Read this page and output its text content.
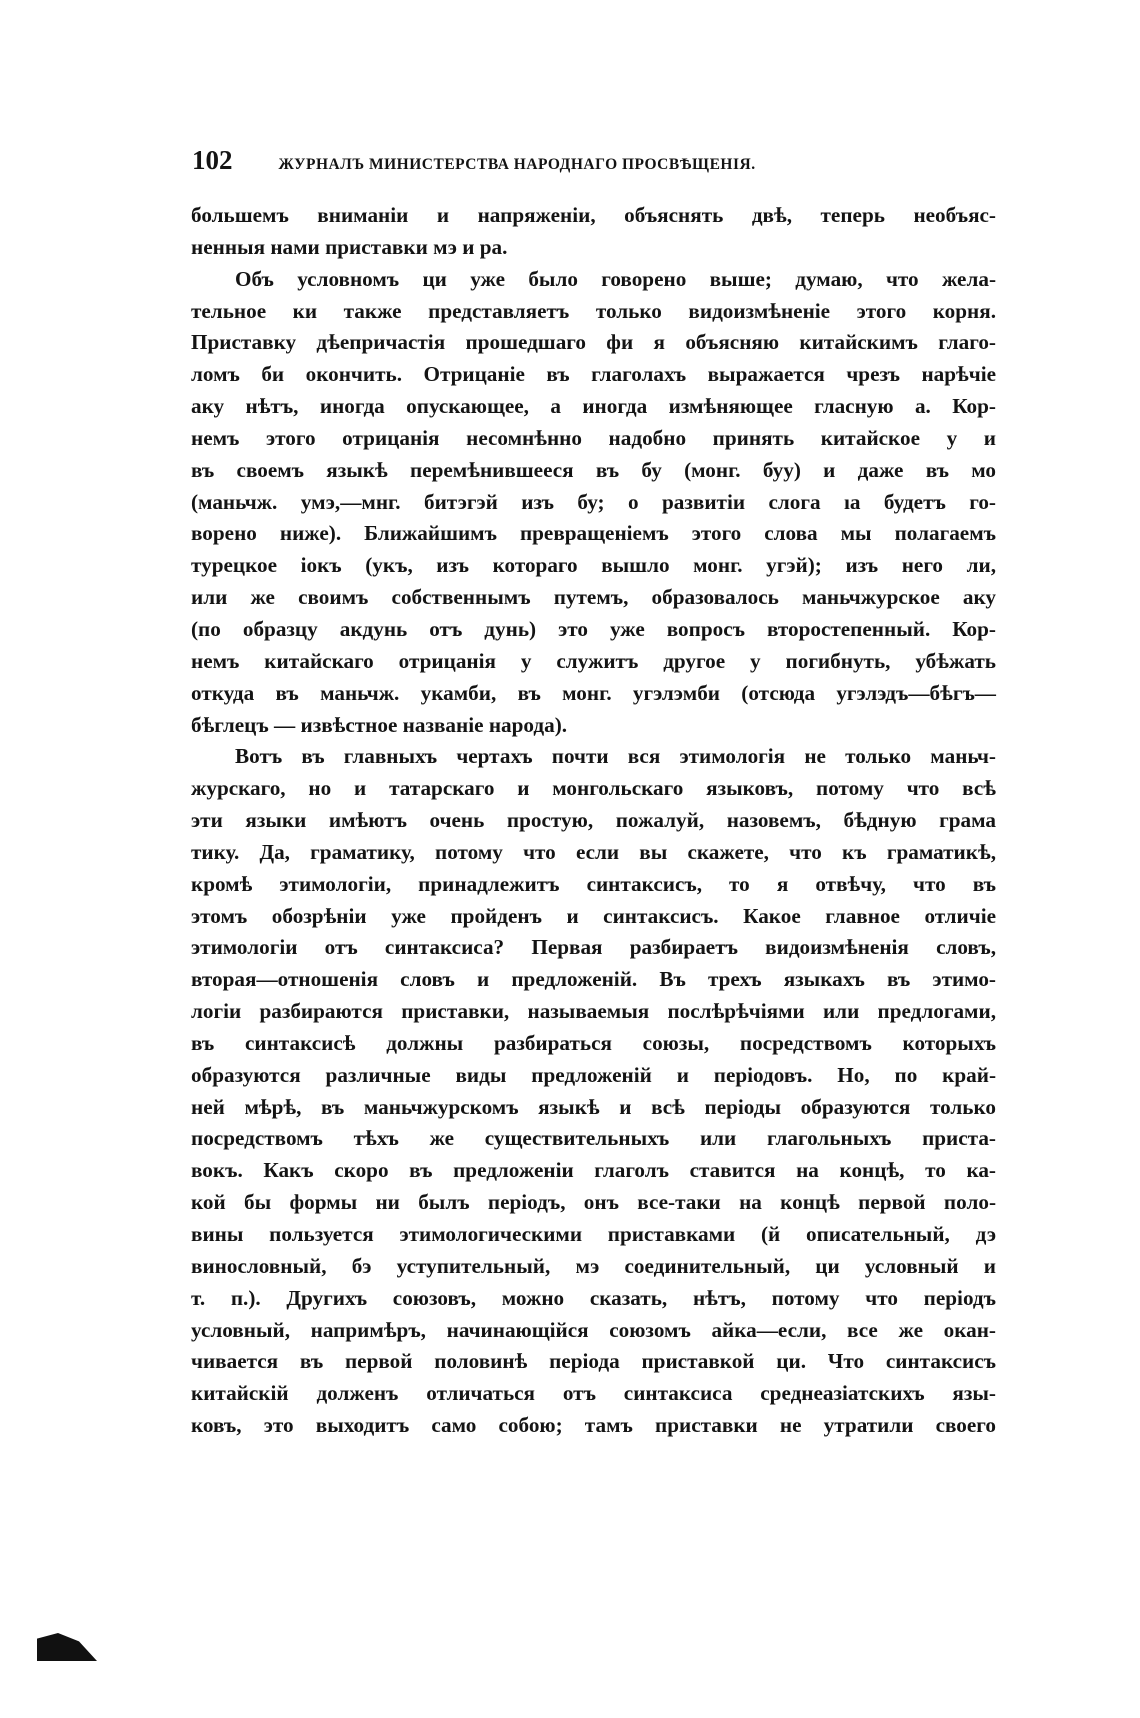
102	ЖУРНАЛЪ МИНИСТЕРСТВА НАРОДНАГО ПРОСВѢЩЕНІЯ.
большемъ вниманіи и напряженіи, объяснять двѣ, теперь необъяс-
ненныя нами приставки мэ и ра.
Объ условномъ ци уже было говорено выше; думаю, что жела-
тельное ки также представляетъ только видоизмѣненіе этого корня.
Приставку дѣепричастія прошедшаго фи я объясняю китайскимъ глаго-
ломъ би окончить. Отрицаніе въ глаголахъ выражается чрезъ нарѣчіе
аку нѣтъ, иногда опускающее, а иногда измѣняющее гласную а. Кор-
немъ этого отрицанія несомнѣнно надобно принять китайское у и
въ своемъ языкѣ перемѣнившееся въ бу (монг. буу) и даже въ мо
(маньчж. умэ,—мнг. битэгэй изъ бу; о развитіи слога ıа будетъ го-
ворено ниже). Ближайшимъ превращеніемъ этого слова мы полагаемъ
турецкое іокъ (укъ, изъ котораго вышло монг. угэй); изъ него ли,
или же своимъ собственнымъ путемъ, образовалось маньчжурское аку
(по образцу акдунь отъ дунь) это уже вопросъ второстепенный. Кор-
немъ китайскаго отрицанія у служитъ другое у погибнуть, убѣжать
откуда въ маньчж. укамби, въ монг. угэлэмби (отсюда угэлэдъ—бѣгъ—
бѣглецъ — извѣстное названіе народа).
Вотъ въ главныхъ чертахъ почти вся этимологія не только маньч-
журскаго, но и татарскаго и монгольскаго языковъ, потому что всѣ
эти языки имѣютъ очень простую, пожалуй, назовемъ, бѣдную грама
тику. Да, граматику, потому что если вы скажете, что къ граматикѣ,
кромѣ этимологіи, принадлежитъ синтаксисъ, то я отвѣчу, что въ
этомъ обозрѣніи уже пройденъ и синтаксисъ. Какое главное отличіе
этимологіи отъ синтаксиса? Первая разбираетъ видоизмѣненія словъ,
вторая—отношенія словъ и предложеній. Въ трехъ языкахъ въ этимо-
логіи разбираются приставки, называемыя послѣрѣчіями или предлогами,
въ синтаксисѣ должны разбираться союзы, посредствомъ которыхъ
образуются различные виды предложеній и періодовъ. Но, по край-
ней мѣрѣ, въ маньчжурскомъ языкѣ и всѣ періоды образуются только
посредствомъ тѣхъ же существительныхъ или глагольныхъ приста-
вокъ. Какъ скоро въ предложеніи глаголъ ставится на концѣ, то ка-
кой бы формы ни былъ періодъ, онъ все-таки на концѣ первой поло-
вины пользуется этимологическими приставками (й описательный, дэ
винословный, бэ уступительный, мэ соединительный, ци условный и
т. п.). Другихъ союзовъ, можно сказать, нѣтъ, потому что періодъ
условный, напримѣръ, начинающійся союзомъ айка—если, все же окан-
чивается въ первой половинѣ періода приставкой ци. Что синтаксисъ
китайскій долженъ отличаться отъ синтаксиса среднеазіатскихъ язы-
ковъ, это выходитъ само собою; тамъ приставки не утратили своего
